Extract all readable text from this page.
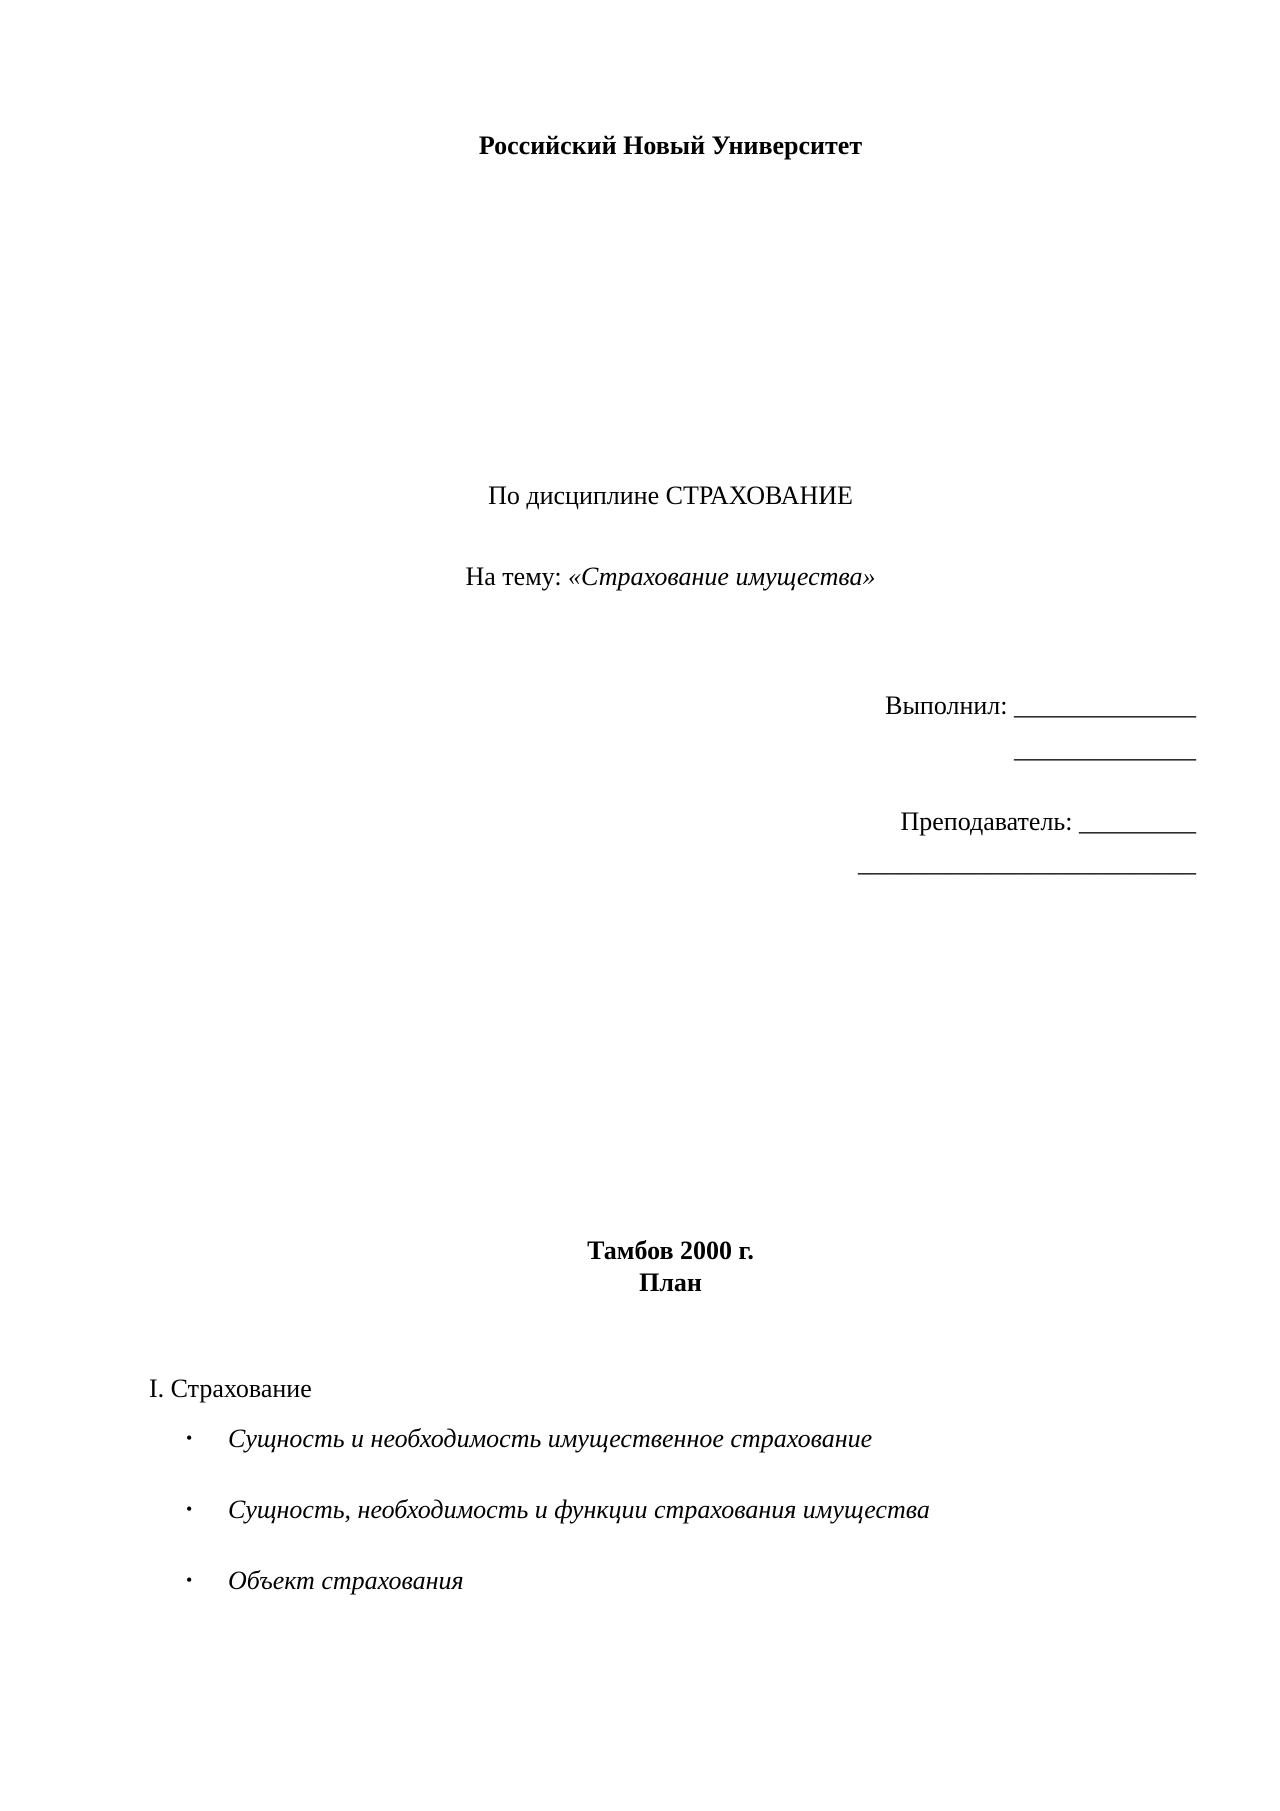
Российский Новый Университет
По дисциплине СТРАХОВАНИЕ
На тему: «Страхование имущества»
Выполнил: ______________
______________
Преподаватель: _________
__________________________
Тамбов 2000 г.
План
I. Страхование
• Сущность и необходимость имущественное страхование
• Сущность, необходимость и функции страхования имущества
• Объект страхования
